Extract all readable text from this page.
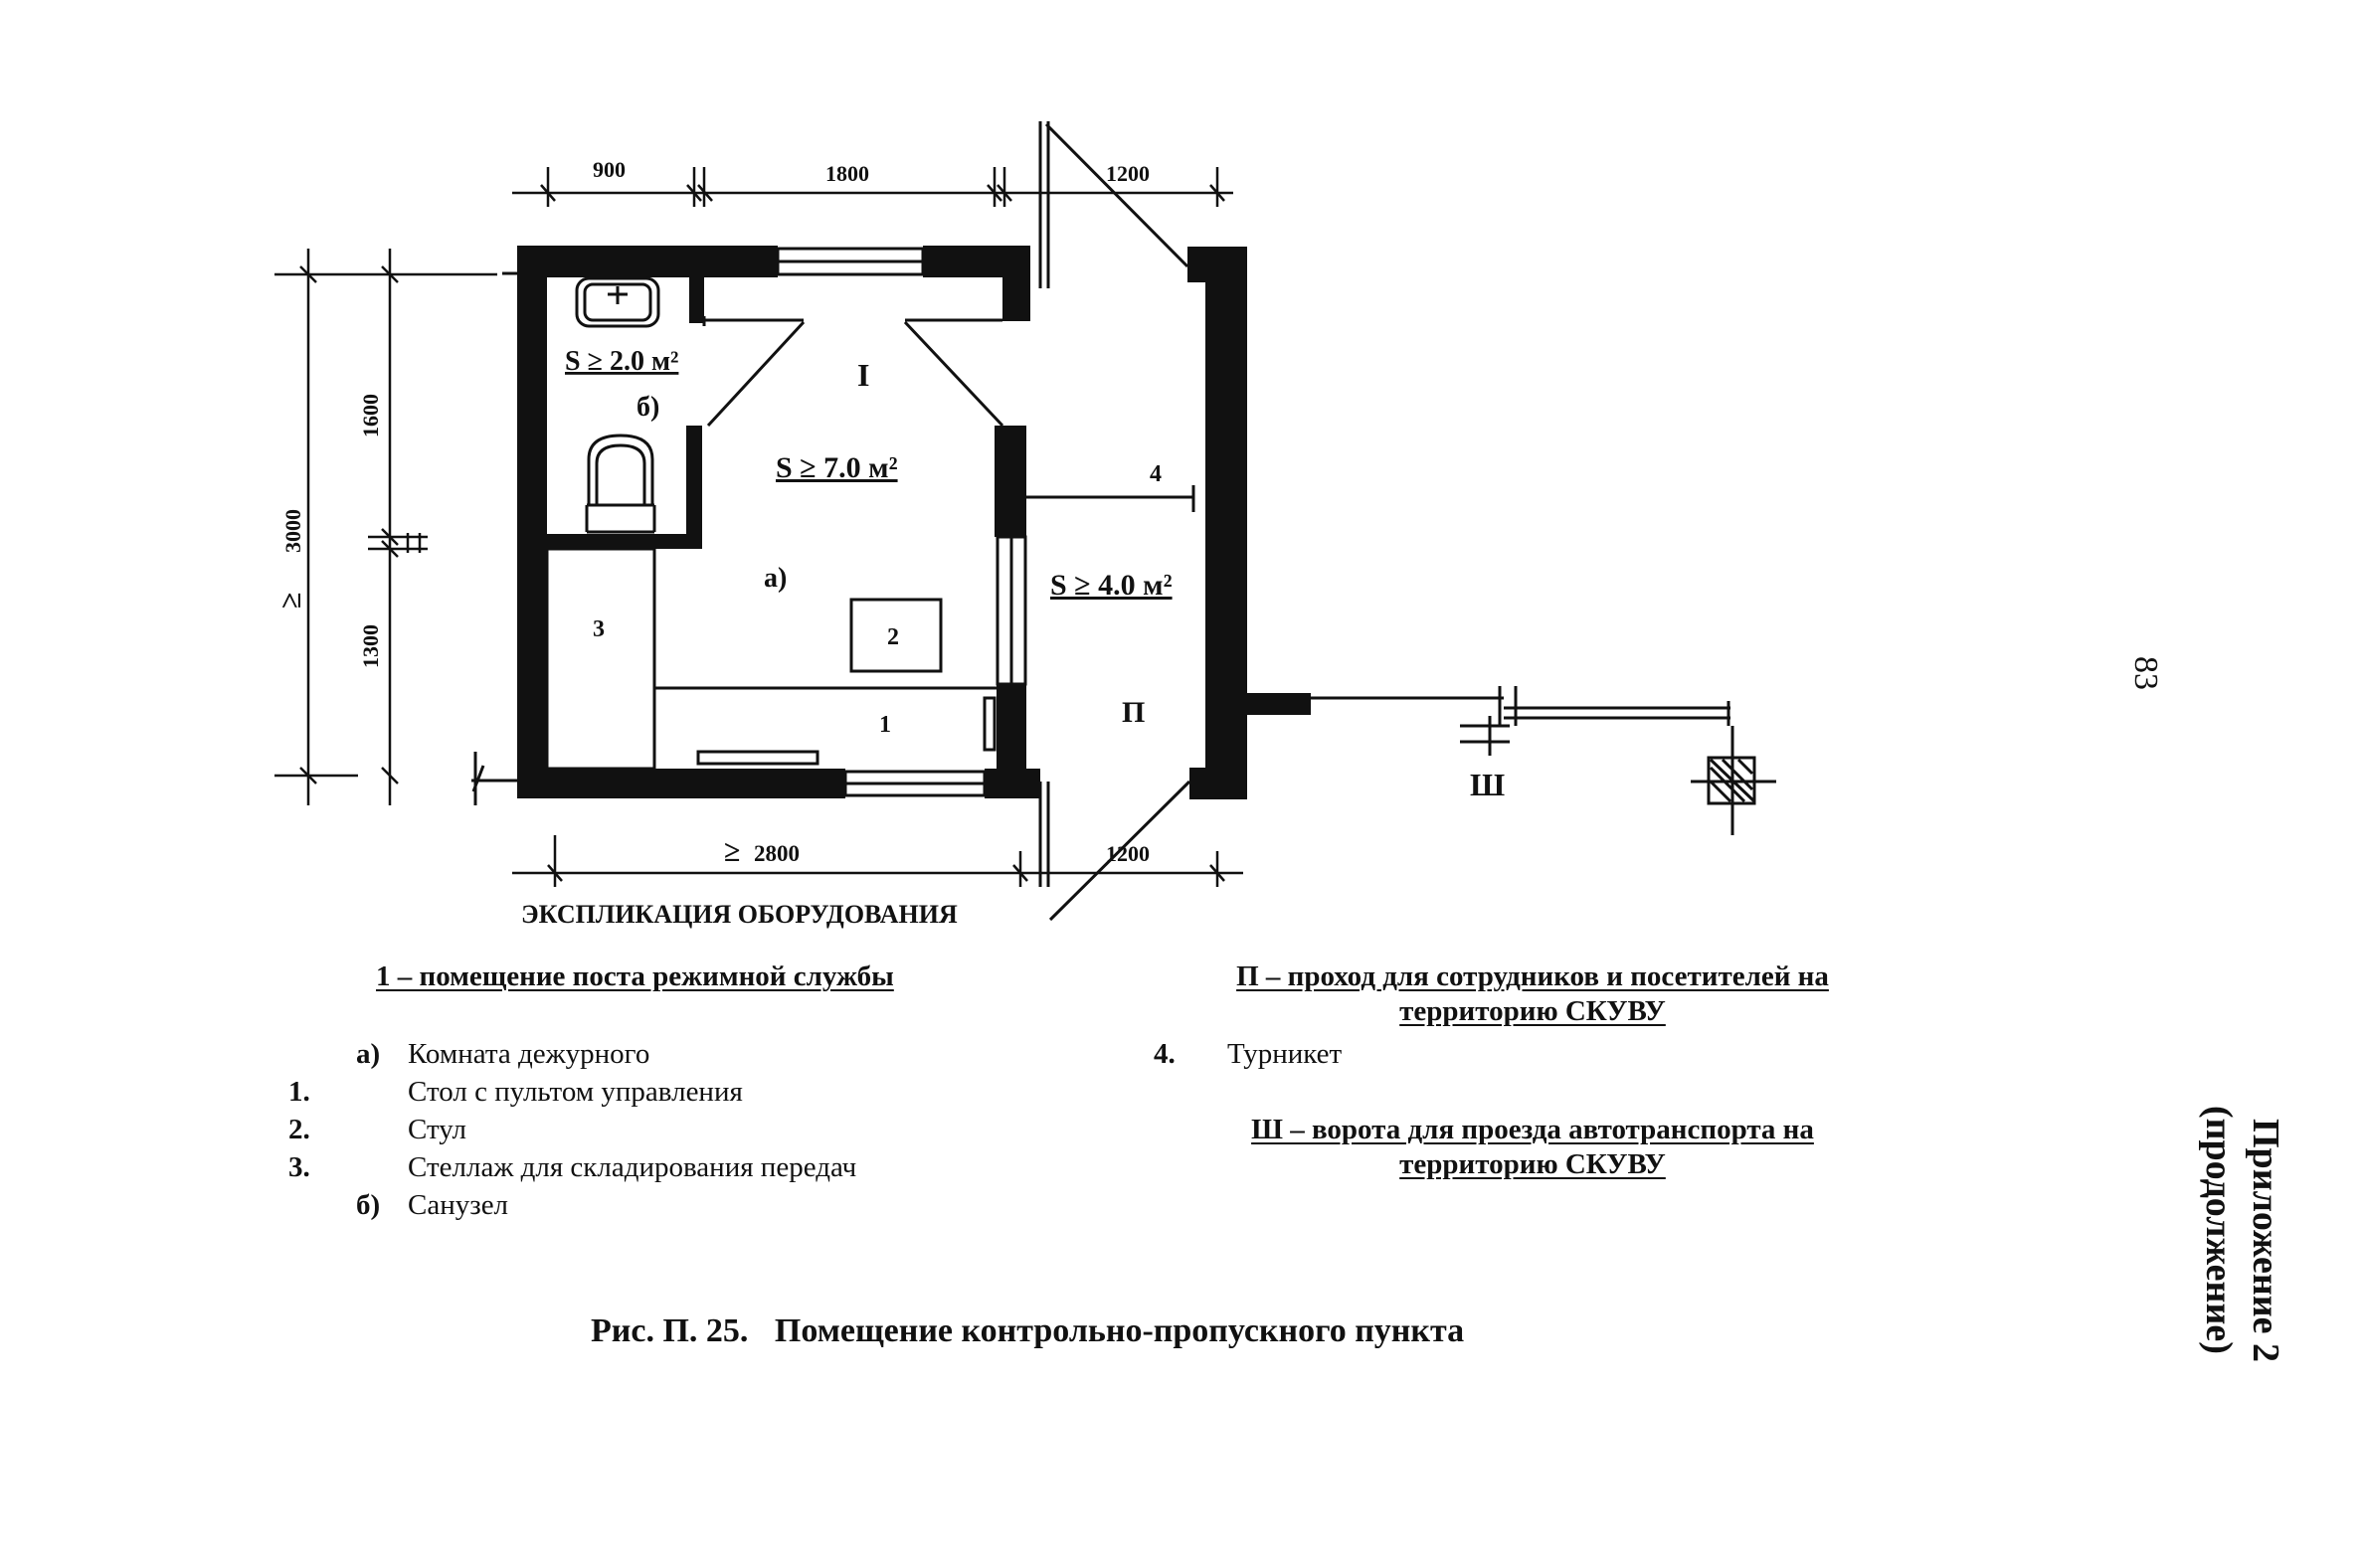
900	1800	1200
≥ 2800	1200
3000
≥
1600
1300
S ≥ 2.0 м²
б)
I
S ≥ 7.0 м²
а)	S ≥ 4.0 м²
П
Ш
1
2
3
4
ЭКСПЛИКАЦИЯ ОБОРУДОВАНИЯ
1 – помещение поста режимной службы
а) Комната дежурного
1.	Стол с пультом управления
2.	Стул
3.	Стеллаж для складирования передач
б) Санузел
П – проход для сотрудников и посетителей на
территорию СКУВУ
4. Турникет
Ш – ворота для проезда автотранспорта на
территорию СКУВУ
Рис. П. 25. Помещение контрольно-пропускного пункта
83
Приложение 2
(продолжение)
